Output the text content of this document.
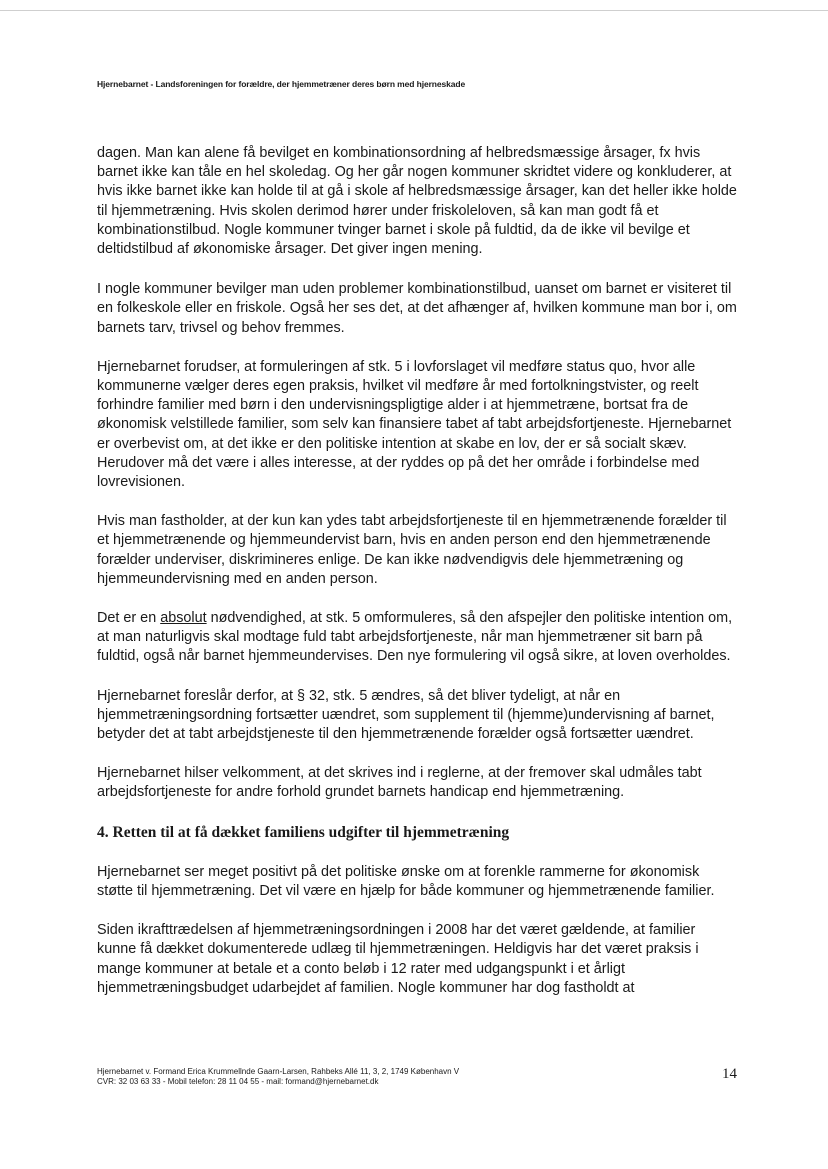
Hjernebarnet - Landsforeningen for forældre, der hjemmetræner deres børn med hjerneskade

dagen. Man kan alene få bevilget en kombinationsordning af helbredsmæssige årsager, fx hvis barnet ikke kan tåle en hel skoledag. Og her går nogen kommuner skridtet videre og konkluderer, at hvis ikke barnet ikke kan holde til at gå i skole af helbredsmæssige årsager, kan det heller ikke holde til hjemmetræning. Hvis skolen derimod hører under friskoleloven, så kan man godt få et kombinationstilbud. Nogle kommuner tvinger barnet i skole på fuldtid, da de ikke vil bevilge et deltidstilbud af økonomiske årsager. Det giver ingen mening.

I nogle kommuner bevilger man uden problemer kombinationstilbud, uanset om barnet er visiteret til en folkeskole eller en friskole. Også her ses det, at det afhænger af, hvilken kommune man bor i, om barnets tarv, trivsel og behov fremmes.

Hjernebarnet forudser, at formuleringen af stk. 5 i lovforslaget vil medføre status quo, hvor alle kommunerne vælger deres egen praksis, hvilket vil medføre år med fortolkningstvister, og reelt forhindre familier med børn i den undervisningspligtige alder i at hjemmetræne, bortsat fra de økonomisk velstillede familier, som selv kan finansiere tabet af tabt arbejdsfortjeneste. Hjernebarnet er overbevist om, at det ikke er den politiske intention at skabe en lov, der er så socialt skæv. Herudover må det være i alles interesse, at der ryddes op på det her område i forbindelse med lovrevisionen.

Hvis man fastholder, at der kun kan ydes tabt arbejdsfortjeneste til en hjemmetrænende forælder til et hjemmetrænende og hjemmeundervist barn, hvis en anden person end den hjemmetrænende forælder underviser, diskrimineres enlige. De kan ikke nødvendigvis dele hjemmetræning og hjemmeundervisning med en anden person.

Det er en absolut nødvendighed, at stk. 5 omformuleres, så den afspejler den politiske intention om, at man naturligvis skal modtage fuld tabt arbejdsfortjeneste, når man hjemmetræner sit barn på fuldtid, også når barnet hjemmeundervises. Den nye formulering vil også sikre, at loven overholdes.

Hjernebarnet foreslår derfor, at § 32, stk. 5 ændres, så det bliver tydeligt, at når en hjemmetræningsordning fortsætter uændret, som supplement til (hjemme)undervisning af barnet, betyder det at tabt arbejdstjeneste til den hjemmetrænende forælder også fortsætter uændret.

Hjernebarnet hilser velkomment, at det skrives ind i reglerne, at der fremover skal udmåles tabt arbejdsfortjeneste for andre forhold grundet barnets handicap end hjemmetræning.

4. Retten til at få dækket familiens udgifter til hjemmetræning

Hjernebarnet ser meget positivt på det politiske ønske om at forenkle rammerne for økonomisk støtte til hjemmetræning. Det vil være en hjælp for både kommuner og hjemmetrænende familier.

Siden ikrafttrædelsen af hjemmetræningsordningen i 2008 har det været gældende, at familier kunne få dækket dokumenterede udlæg til hjemmetræningen. Heldigvis har det været praksis i mange kommuner at betale et a conto beløb i 12 rater med udgangspunkt i et årligt hjemmetræningsbudget udarbejdet af familien. Nogle kommuner har dog fastholdt at

Hjernebarnet v. Formand Erica Krummellnde Gaarn-Larsen, Rahbeks Allé 11, 3, 2, 1749 København V
CVR: 32 03 63 33 - Mobil telefon: 28 11 04 55 - mail: formand@hjernebarnet.dk	14
